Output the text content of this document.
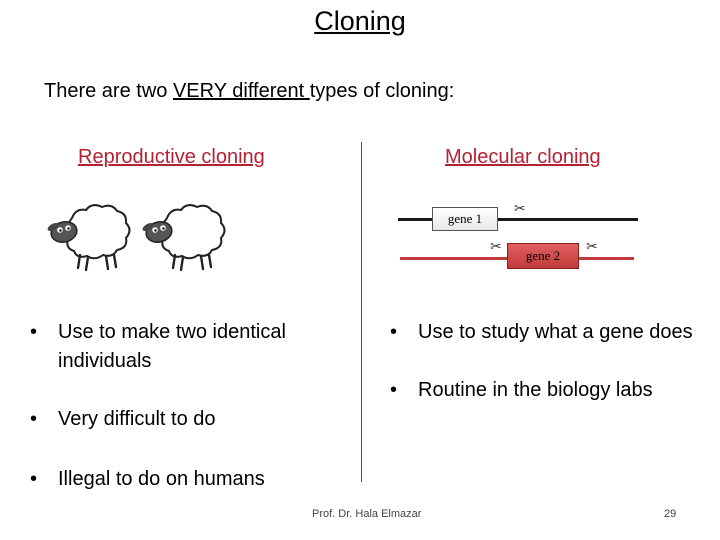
Cloning
There are two VERY different types of cloning:
Reproductive cloning	Molecular cloning
gene 1
✂
gene 2
✂	✂
• Use to make two identical individuals
• Very difficult to do
• Illegal to do on humans
• Use to study what a gene does
• Routine in the biology labs
Prof. Dr. Hala Elmazar	29
